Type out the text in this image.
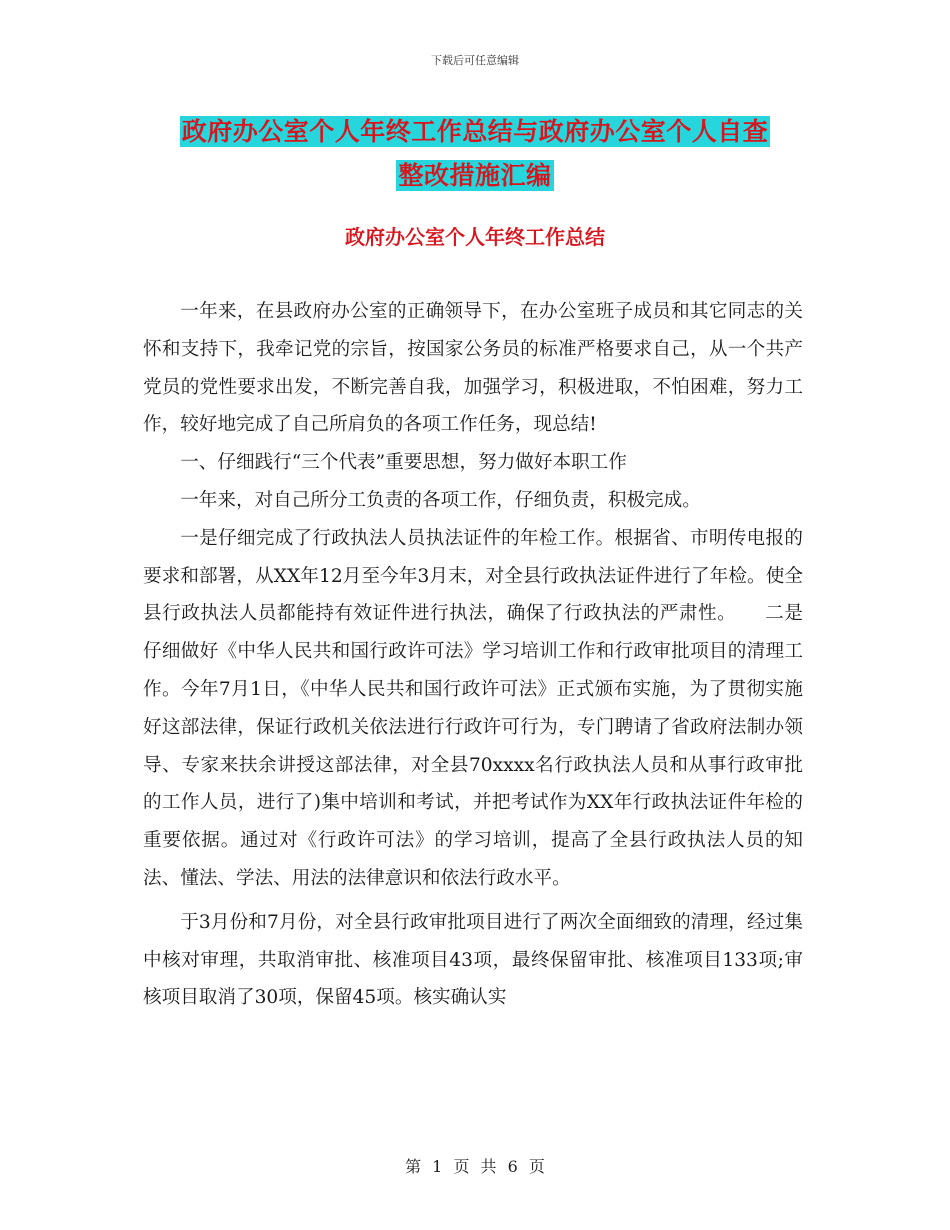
下载后可任意编辑
政府办公室个人年终工作总结与政府办公室个人自查
整改措施汇编
政府办公室个人年终工作总结

一年来，在县政府办公室的正确领导下，在办公室班子成员和其它同志的关怀和支持下，我牵记党的宗旨，按国家公务员的标准严格要求自己，从一个共产党员的党性要求出发，不断完善自我，加强学习，积极进取，不怕困难，努力工作，较好地完成了自己所肩负的各项工作任务，现总结!

一、仔细践行“三个代表”重要思想，努力做好本职工作

一年来，对自己所分工负责的各项工作，仔细负责，积极完成。

一是仔细完成了行政执法人员执法证件的年检工作。根据省、市明传电报的要求和部署，从XX年12月至今年3月末，对全县行政执法证件进行了年检。使全县行政执法人员都能持有效证件进行执法，确保了行政执法的严肃性。　　二是仔细做好《中华人民共和国行政许可法》学习培训工作和行政审批项目的清理工作。今年7月1日，《中华人民共和国行政许可法》正式颁布实施，为了贯彻实施好这部法律，保证行政机关依法进行行政许可行为，专门聘请了省政府法制办领导、专家来扶余讲授这部法律，对全县70xxxx名行政执法人员和从事行政审批的工作人员，进行了)集中培训和考试，并把考试作为XX年行政执法证件年检的重要依据。通过对《行政许可法》的学习培训，提高了全县行政执法人员的知法、懂法、学法、用法的法律意识和依法行政水平。

于3月份和7月份，对全县行政审批项目进行了两次全面细致的清理，经过集中核对审理，共取消审批、核准项目43项，最终保留审批、核准项目133项;审核项目取消了30项，保留45项。核实确认实

第 1 页 共 6 页
